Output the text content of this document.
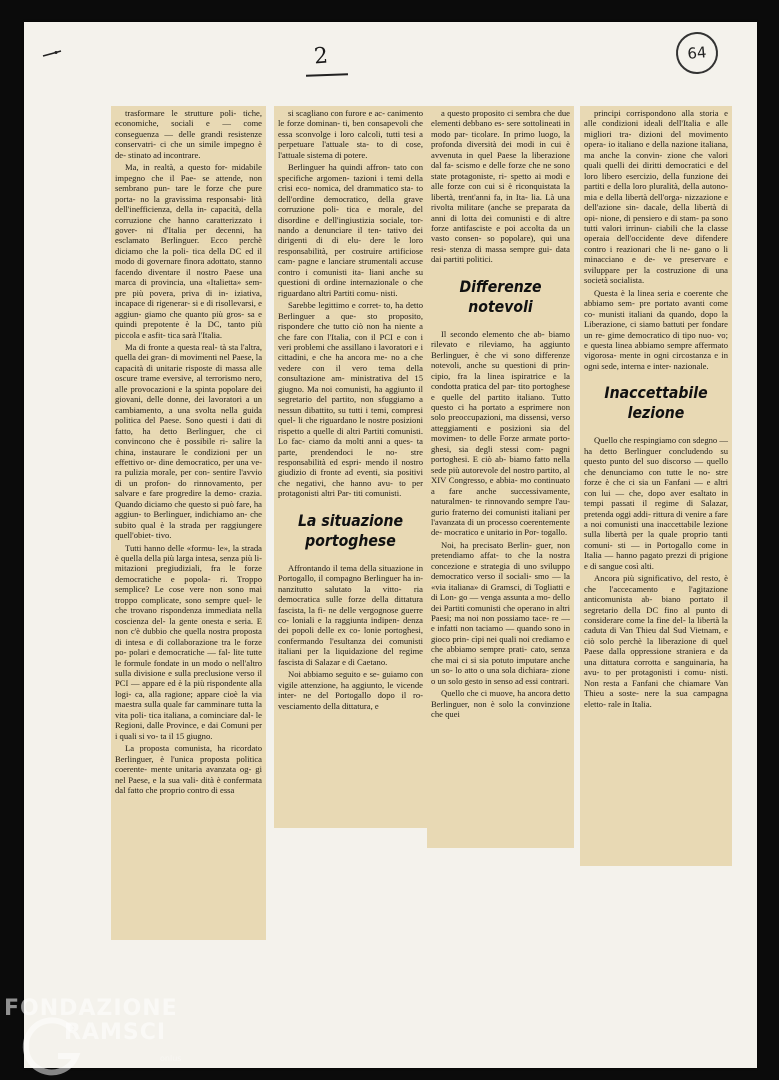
2	64

trasformare le strutture poli- tiche, economiche, sociali e — come conseguenza — delle grandi resistenze conservatri- ci che un simile impegno è de- stinato ad incontrare.

Ma, in realtà, a questo for- midabile impegno che il Pae- se attende, non sembrano pun- tare le forze che pure porta- no la gravissima responsabi- lità dell'inefficienza, della in- capacità, della corruzione che hanno caratterizzato i gover- ni d'Italia per decenni, ha esclamato Berlinguer. Ecco perchè diciamo che la poli- tica della DC ed il modo di governare finora adottato, stanno facendo diventare il nostro Paese una marca di provincia, una «Italietta» sem- pre più povera, priva di in- iziativa, incapace di rigenerar- si e di risollevarsi, e aggiun- giamo che quanto più gros- sa e quindi prepotente è la DC, tanto più piccola e asfit- tica sarà l'Italia.

Ma di fronte a questa real- tà sta l'altra, quella dei gran- di movimenti nel Paese, la capacità di unitarie risposte di massa alle oscure trame eversive, al terrorismo nero, alle provocazioni e la spinta popolare dei giovani, delle donne, dei lavoratori a un cambiamento, a una svolta nella guida politica del Paese. Sono questi i dati di fatto, ha detto Berlinguer, che ci convincono che è possibile ri- salire la china, instaurare le condizioni per un effettivo or- dine democratico, per una ve- ra pulizia morale, per con- sentire l'avvio di un profon- do rinnovamento, per salvare e fare progredire la demo- crazia. Quando diciamo che questo si può fare, ha aggiun- to Berlinguer, indichiamo an- che subito qual è la strada per raggiungere quell'obiet- tivo.

Tutti hanno delle «formu- le», la strada è quella della più larga intesa, senza più li- mitazioni pregiudiziali, fra le forze democratiche e popola- ri. Troppo semplice? Le cose vere non sono mai troppo complicate, sono sempre quel- le che trovano rispondenza immediata nella coscienza del- la gente onesta e seria. E non c'è dubbio che quella nostra proposta di intesa e di collaborazione tra le forze po- polari e democratiche — fal- lite tutte le formule fondate in un modo o nell'altro sulla divisione e sulla preclusione verso il PCI — appare ed è la più rispondente alla logi- ca, alla ragione; appare cioè la via maestra sulla quale far camminare tutta la vita poli- tica italiana, a cominciare dal- le Regioni, dalle Province, e dai Comuni per i quali si vo- ta il 15 giugno.

La proposta comunista, ha ricordato Berlinguer, è l'unica proposta politica coerente- mente unitaria avanzata og- gi nel Paese, e la sua vali- dità è confermata dal fatto che proprio contro di essa

si scagliano con furore e ac- canimento le forze dominan- ti, ben consapevoli che essa sconvolge i loro calcoli, tutti tesi a perpetuare l'attuale sta- to di cose, l'attuale sistema di potere.

Berlinguer ha quindi affron- tato con specifiche argomen- tazioni i temi della crisi eco- nomica, del drammatico sta- to dell'ordine democratico, della grave corruzione poli- tica e morale, del disordine e dell'ingiustizia sociale, tor- nando a denunciare il ten- tativo dei dirigenti di di elu- dere le loro responsabilità, per costruire artificiose cam- pagne e lanciare strumentali accuse contro i comunisti ita- liani anche su questioni di ordine internazionale o che riguardano altri Partiti comu- nisti.

Sarebbe legittimo e corret- to, ha detto Berlinguer a que- sto proposito, rispondere che tutto ciò non ha niente a che fare con l'Italia, con il PCI e con i veri problemi che assillano i lavoratori e i cittadini, e che ha ancora me- no a che vedere con il vero tema della consultazione am- ministrativa del 15 giugno. Ma noi comunisti, ha aggiunto il segretario del partito, non sfuggiamo a nessun dibattito, su tutti i temi, compresi quel- li che riguardano le nostre posizioni rispetto a quelle di altri Partiti comunisti. Lo fac- ciamo da molti anni a ques- ta parte, prendendoci le no- stre responsabilità ed espri- mendo il nostro giudizio di fronte ad eventi, sia positivi che negativi, che hanno avu- to per protagonisti altri Par- titi comunisti.

La situazione portoghese

Affrontando il tema della situazione in Portogallo, il compagno Berlinguer ha in- nanzitutto salutato la vitto- ria democratica sulle forze della dittatura fascista, la fi- ne delle vergognose guerre co- loniali e la raggiunta indipen- denza dei popoli delle ex co- lonie portoghesi, confermando l'esultanza dei comunisti italiani per la liquidazione del regime fascista di Salazar e di Caetano.

Noi abbiamo seguito e se- guiamo con vigile attenzione, ha aggiunto, le vicende inter- ne del Portogallo dopo il ro- vesciamento della dittatura, e

a questo proposito ci sembra che due elementi debbano es- sere sottolineati in modo par- ticolare. In primo luogo, la profonda diversità dei modi in cui è avvenuta in quel Paese la liberazione dal fa- scismo e delle forze che ne sono state protagoniste, ri- spetto ai modi e alle forze con cui si è riconquistata la libertà, trent'anni fa, in Ita- lia. Là una rivolta militare (anche se preparata da anni di lotta dei comunisti e di altre forze antifasciste e poi accolta da un vasto consen- so popolare), qui una resi- stenza di massa sempre gui- data dai partiti politici.

Differenze notevoli

Il secondo elemento che ab- biamo rilevato e rileviamo, ha aggiunto Berlinguer, è che vi sono differenze notevoli, anche su questioni di prin- cipio, fra la linea ispiratrice e la condotta pratica del par- tito portoghese e quelle del partito italiano. Tutto questo ci ha portato a esprimere non solo preoccupazioni, ma dissensi, verso atteggiamenti e posizioni sia del movimen- to delle Forze armate porto- ghesi, sia degli stessi com- pagni portoghesi. E ciò ab- biamo fatto nella sede più autorevole del nostro partito, al XIV Congresso, e abbia- mo continuato a fare anche successivamente, naturalmen- te rinnovando sempre l'au- gurio fraterno dei comunisti italiani per l'avanzata di un processo coerentemente de- mocratico e unitario in Por- togallo.

Noi, ha precisato Berlin- guer, non pretendiamo affat- to che la nostra concezione e strategia di uno sviluppo democratico verso il sociali- smo — la «via italiana» di Gramsci, di Togliatti e di Lon- go — venga assunta a mo- dello dei Partiti comunisti che operano in altri Paesi; ma noi non possiamo tace- re — e infatti non taciamo — quando sono in gioco prin- cìpi nei quali noi crediamo e che abbiamo sempre prati- cato, senza che mai ci si sia potuto imputare anche un so- lo atto o una sola dichiara- zione o un solo gesto in senso ad essi contrari.

Quello che ci muove, ha ancora detto Berlinguer, non è solo la convinzione che quei

principi corrispondono alla storia e alle condizioni ideali dell'Italia e alle migliori tra- dizioni del movimento opera- io italiano e della nazione italiana, ma anche la convin- zione che valori quali quelli dei diritti democratici e del loro libero esercizio, della funzione dei partiti e della loro pluralità, della autono- mia e della libertà dell'orga- nizzazione e dell'azione sin- dacale, della libertà di opi- nione, di pensiero e di stam- pa sono tutti valori irrinun- ciabili che la classe operaia dell'occidente deve difendere contro i reazionari che li ne- gano o li minacciano e de- ve preservare e sviluppare per la costruzione di una società socialista.

Questa è la linea seria e coerente che abbiamo sem- pre portato avanti come co- munisti italiani da quando, dopo la Liberazione, ci siamo battuti per fondare un re- gime democratico di tipo nuo- vo; e questa linea abbiamo sempre affermato vigorosa- mente in ogni circostanza e in ogni sede, interna e inter- nazionale.

Inaccettabile lezione

Quello che respingiamo con sdegno — ha detto Berlinguer concludendo su questo punto del suo discorso — quello che denunciamo con tutte le no- stre forze è che ci sia un Fanfani — e altri con lui — che, dopo aver esaltato in tempi passati il regime di Salazar, pretenda oggi addi- rittura di venire a fare a noi comunisti una inaccettabile lezione sulla libertà per la quale proprio tanti comuni- sti — in Portogallo come in Italia — hanno pagato prezzi di prigione e di sangue così alti.

Ancora più significativo, del resto, è che l'accecamento e l'agitazione anticomunista ab- biano portato il segretario della DC fino al punto di considerare come la fine del- la libertà la caduta di Van Thieu dal Sud Vietnam, e ciò solo perchè la liberazione di quel Paese dalla oppressione straniera e da una dittatura corrotta e sanguinaria, ha avu- to per protagonisti i comu- nisti. Non resta a Fanfani che chiamare Van Thieu a soste- nere la sua campagna eletto- rale in Italia.

FONDAZIONE
RAMSCI
onlus
